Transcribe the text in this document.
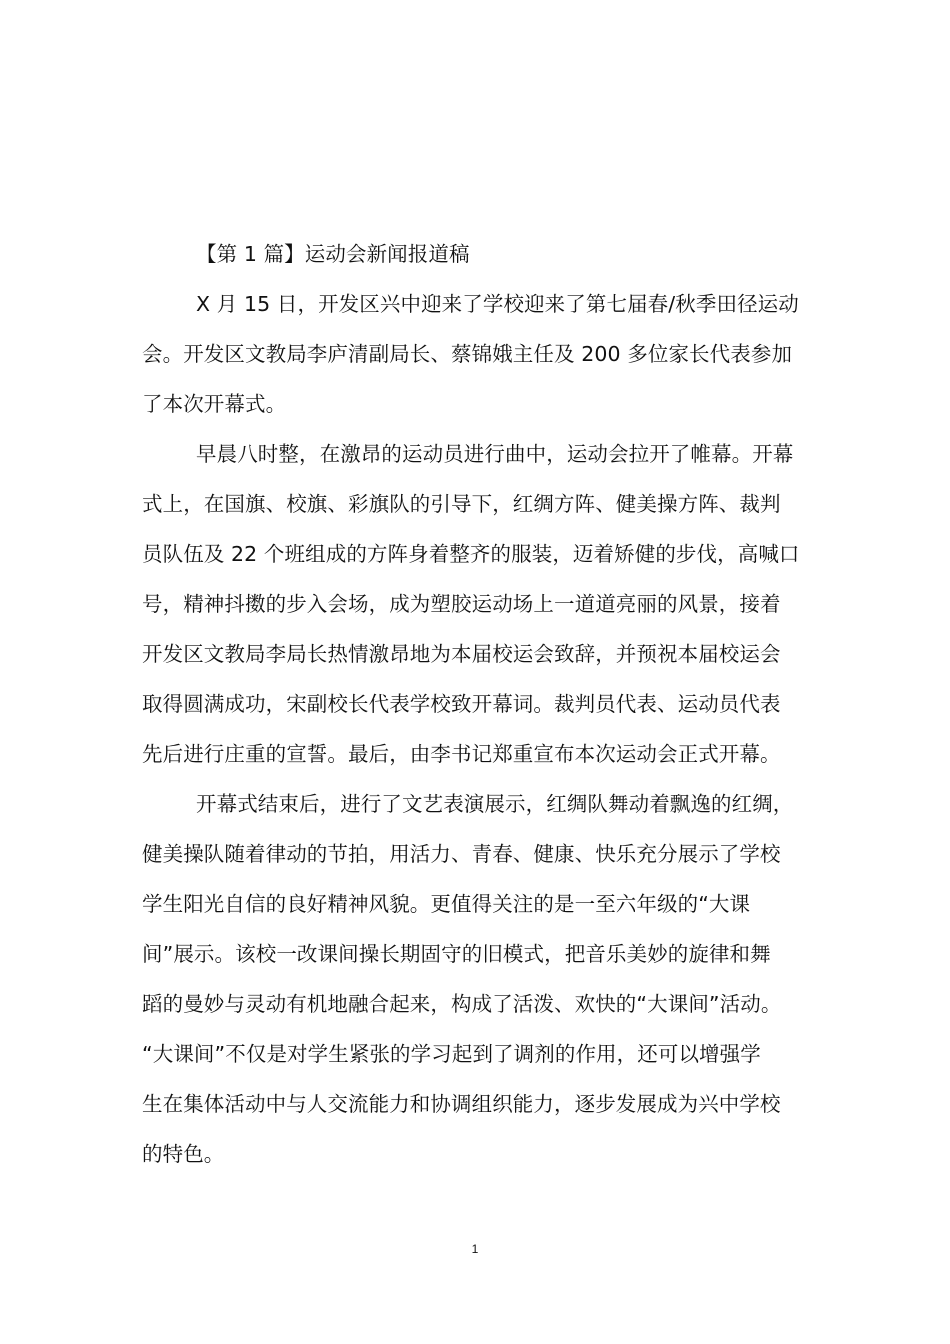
【第 1 篇】运动会新闻报道稿
X 月 15 日，开发区兴中迎来了学校迎来了第七届春/秋季田径运动
会。开发区文教局李庐清副局长、蔡锦娥主任及 200 多位家长代表参加
了本次开幕式。
早晨八时整，在激昂的运动员进行曲中，运动会拉开了帷幕。开幕
式上，在国旗、校旗、彩旗队的引导下，红绸方阵、健美操方阵、裁判
员队伍及 22 个班组成的方阵身着整齐的服装，迈着矫健的步伐，高喊口
号，精神抖擞的步入会场，成为塑胶运动场上一道道亮丽的风景，接着
开发区文教局李局长热情激昂地为本届校运会致辞，并预祝本届校运会
取得圆满成功，宋副校长代表学校致开幕词。裁判员代表、运动员代表
先后进行庄重的宣誓。最后，由李书记郑重宣布本次运动会正式开幕。
开幕式结束后，进行了文艺表演展示，红绸队舞动着飘逸的红绸，
健美操队随着律动的节拍，用活力、青春、健康、快乐充分展示了学校
学生阳光自信的良好精神风貌。更值得关注的是一至六年级的“大课
间”展示。该校一改课间操长期固守的旧模式，把音乐美妙的旋律和舞
蹈的曼妙与灵动有机地融合起来，构成了活泼、欢快的“大课间”活动。
“大课间”不仅是对学生紧张的学习起到了调剂的作用，还可以增强学
生在集体活动中与人交流能力和协调组织能力，逐步发展成为兴中学校
的特色。
1
